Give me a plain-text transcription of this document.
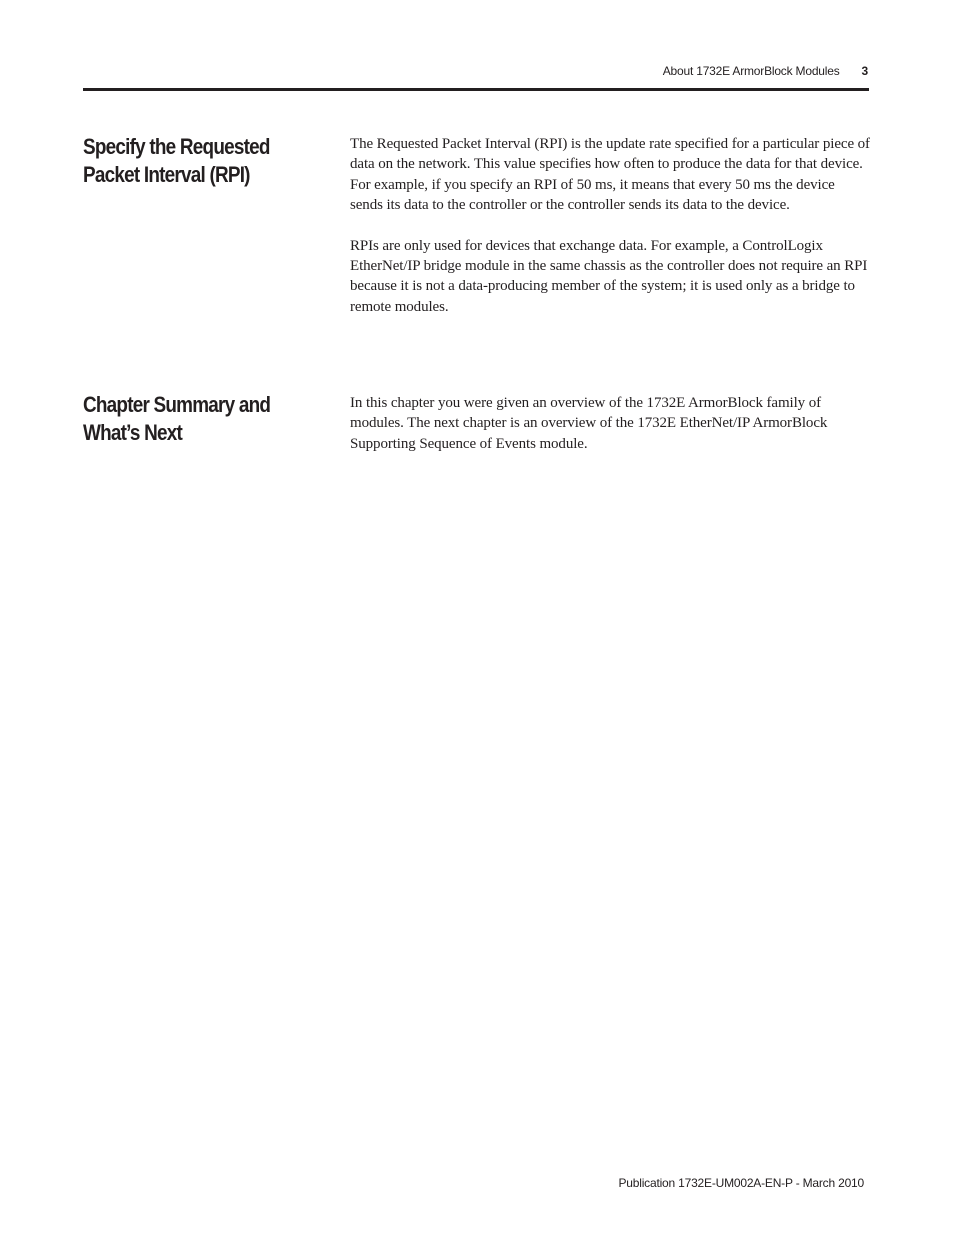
About 1732E ArmorBlock Modules 3
Specify the Requested
Packet Interval (RPI)

The Requested Packet Interval (RPI) is the update rate specified for a particular piece of data on the network. This value specifies how often to produce the data for that device. For example, if you specify an RPI of 50 ms, it means that every 50 ms the device sends its data to the controller or the controller sends its data to the device.

RPIs are only used for devices that exchange data. For example, a ControlLogix EtherNet/IP bridge module in the same chassis as the controller does not require an RPI because it is not a data-producing member of the system; it is used only as a bridge to remote modules.

Chapter Summary and
What’s Next

In this chapter you were given an overview of the 1732E ArmorBlock family of modules. The next chapter is an overview of the 1732E EtherNet/IP ArmorBlock Supporting Sequence of Events module.

Publication 1732E-UM002A-EN-P - March 2010
